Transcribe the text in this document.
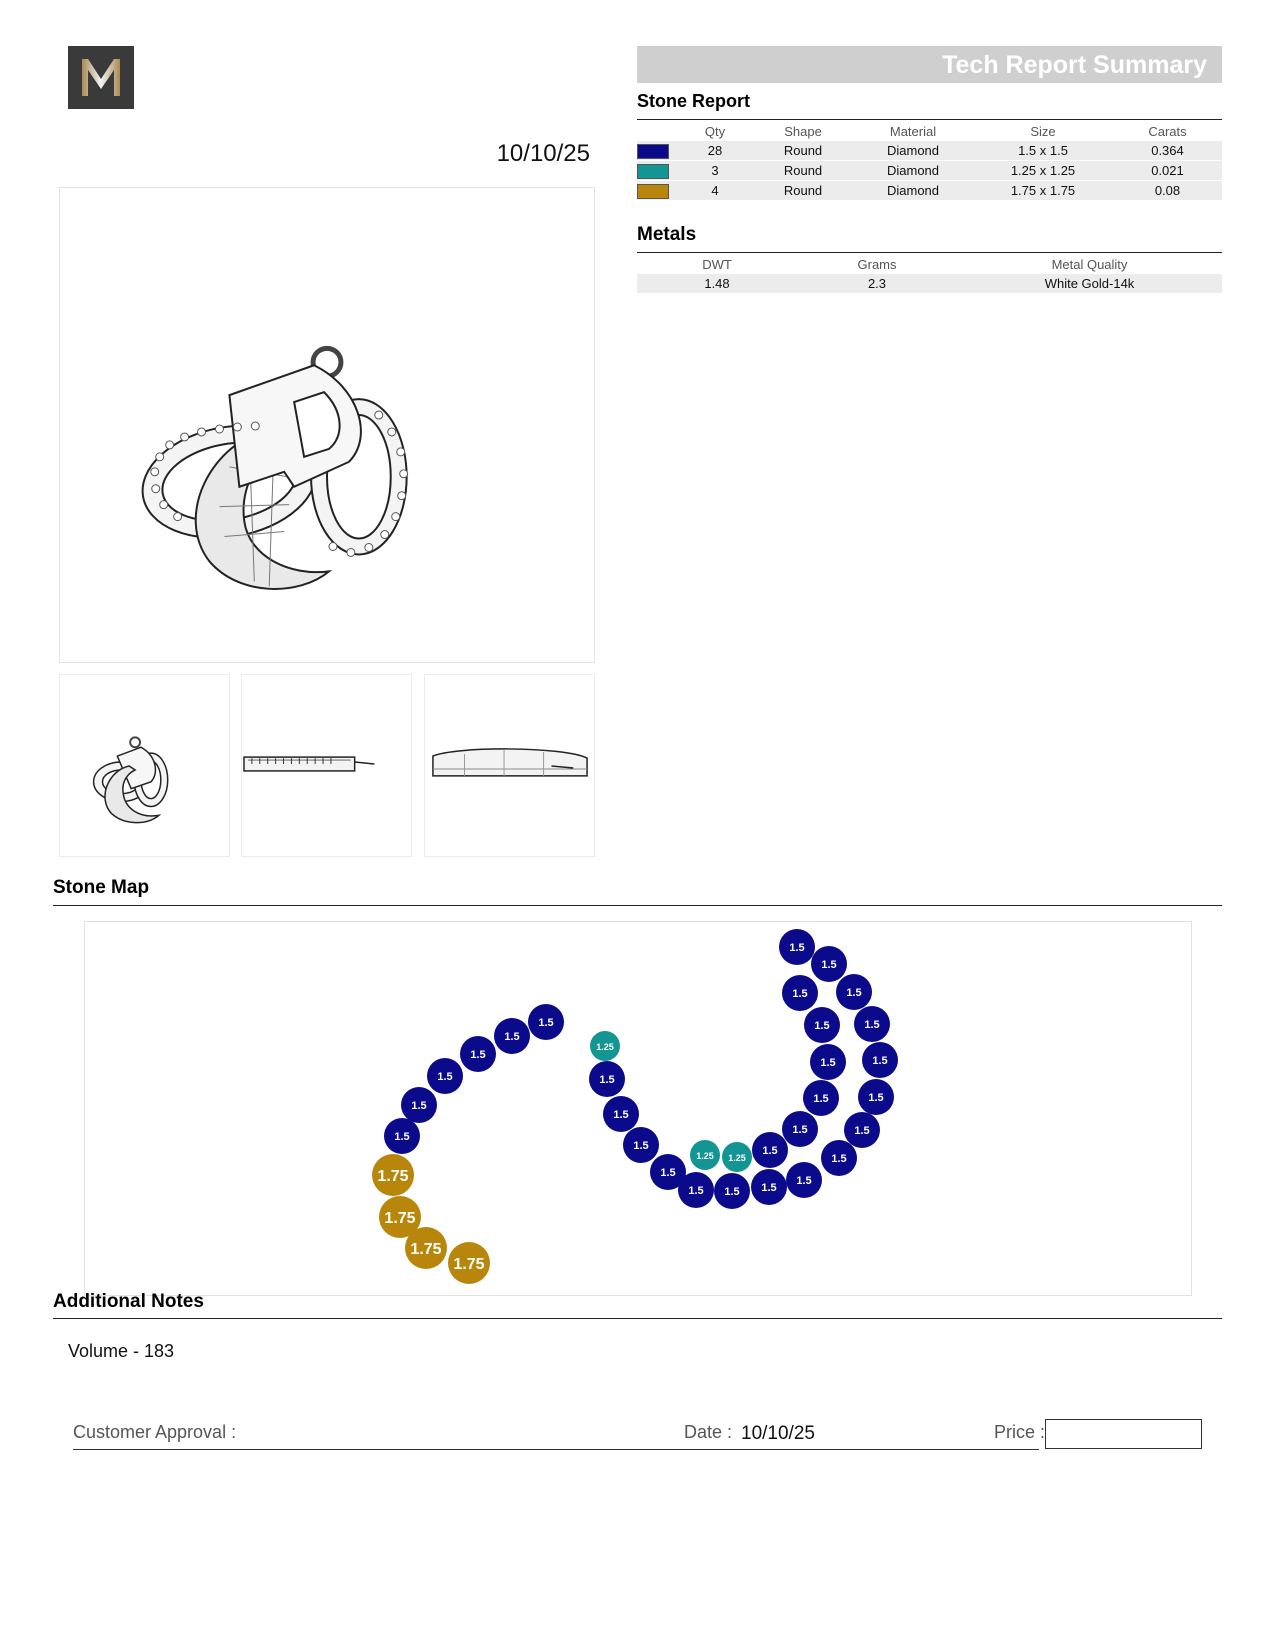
10/10/25
Tech Report Summary
Stone Report
	Qty	Shape	Material	Size	Carats
	28	Round	Diamond	1.5 x 1.5	0.364
	3	Round	Diamond	1.25 x 1.25	0.021
	4	Round	Diamond	1.75 x 1.75	0.08
Metals
DWT	Grams	Metal Quality
1.48	2.3	White Gold-14k
Stone Map
1.5
1.5
1.5
1.5
1.5
1.5
1.5
1.5
1.5
1.5
1.5
1.5
1.5
1.5
1.5
1.5
1.5
1.5
1.25
1.25
1.5
1.5
1.5
1.5
1.25
1.5
1.5
1.5
1.5
1.5
1.5
1.75
1.75
1.75
1.75
Additional Notes
Volume - 183
Customer Approval :	Date : 10/10/25	Price :
